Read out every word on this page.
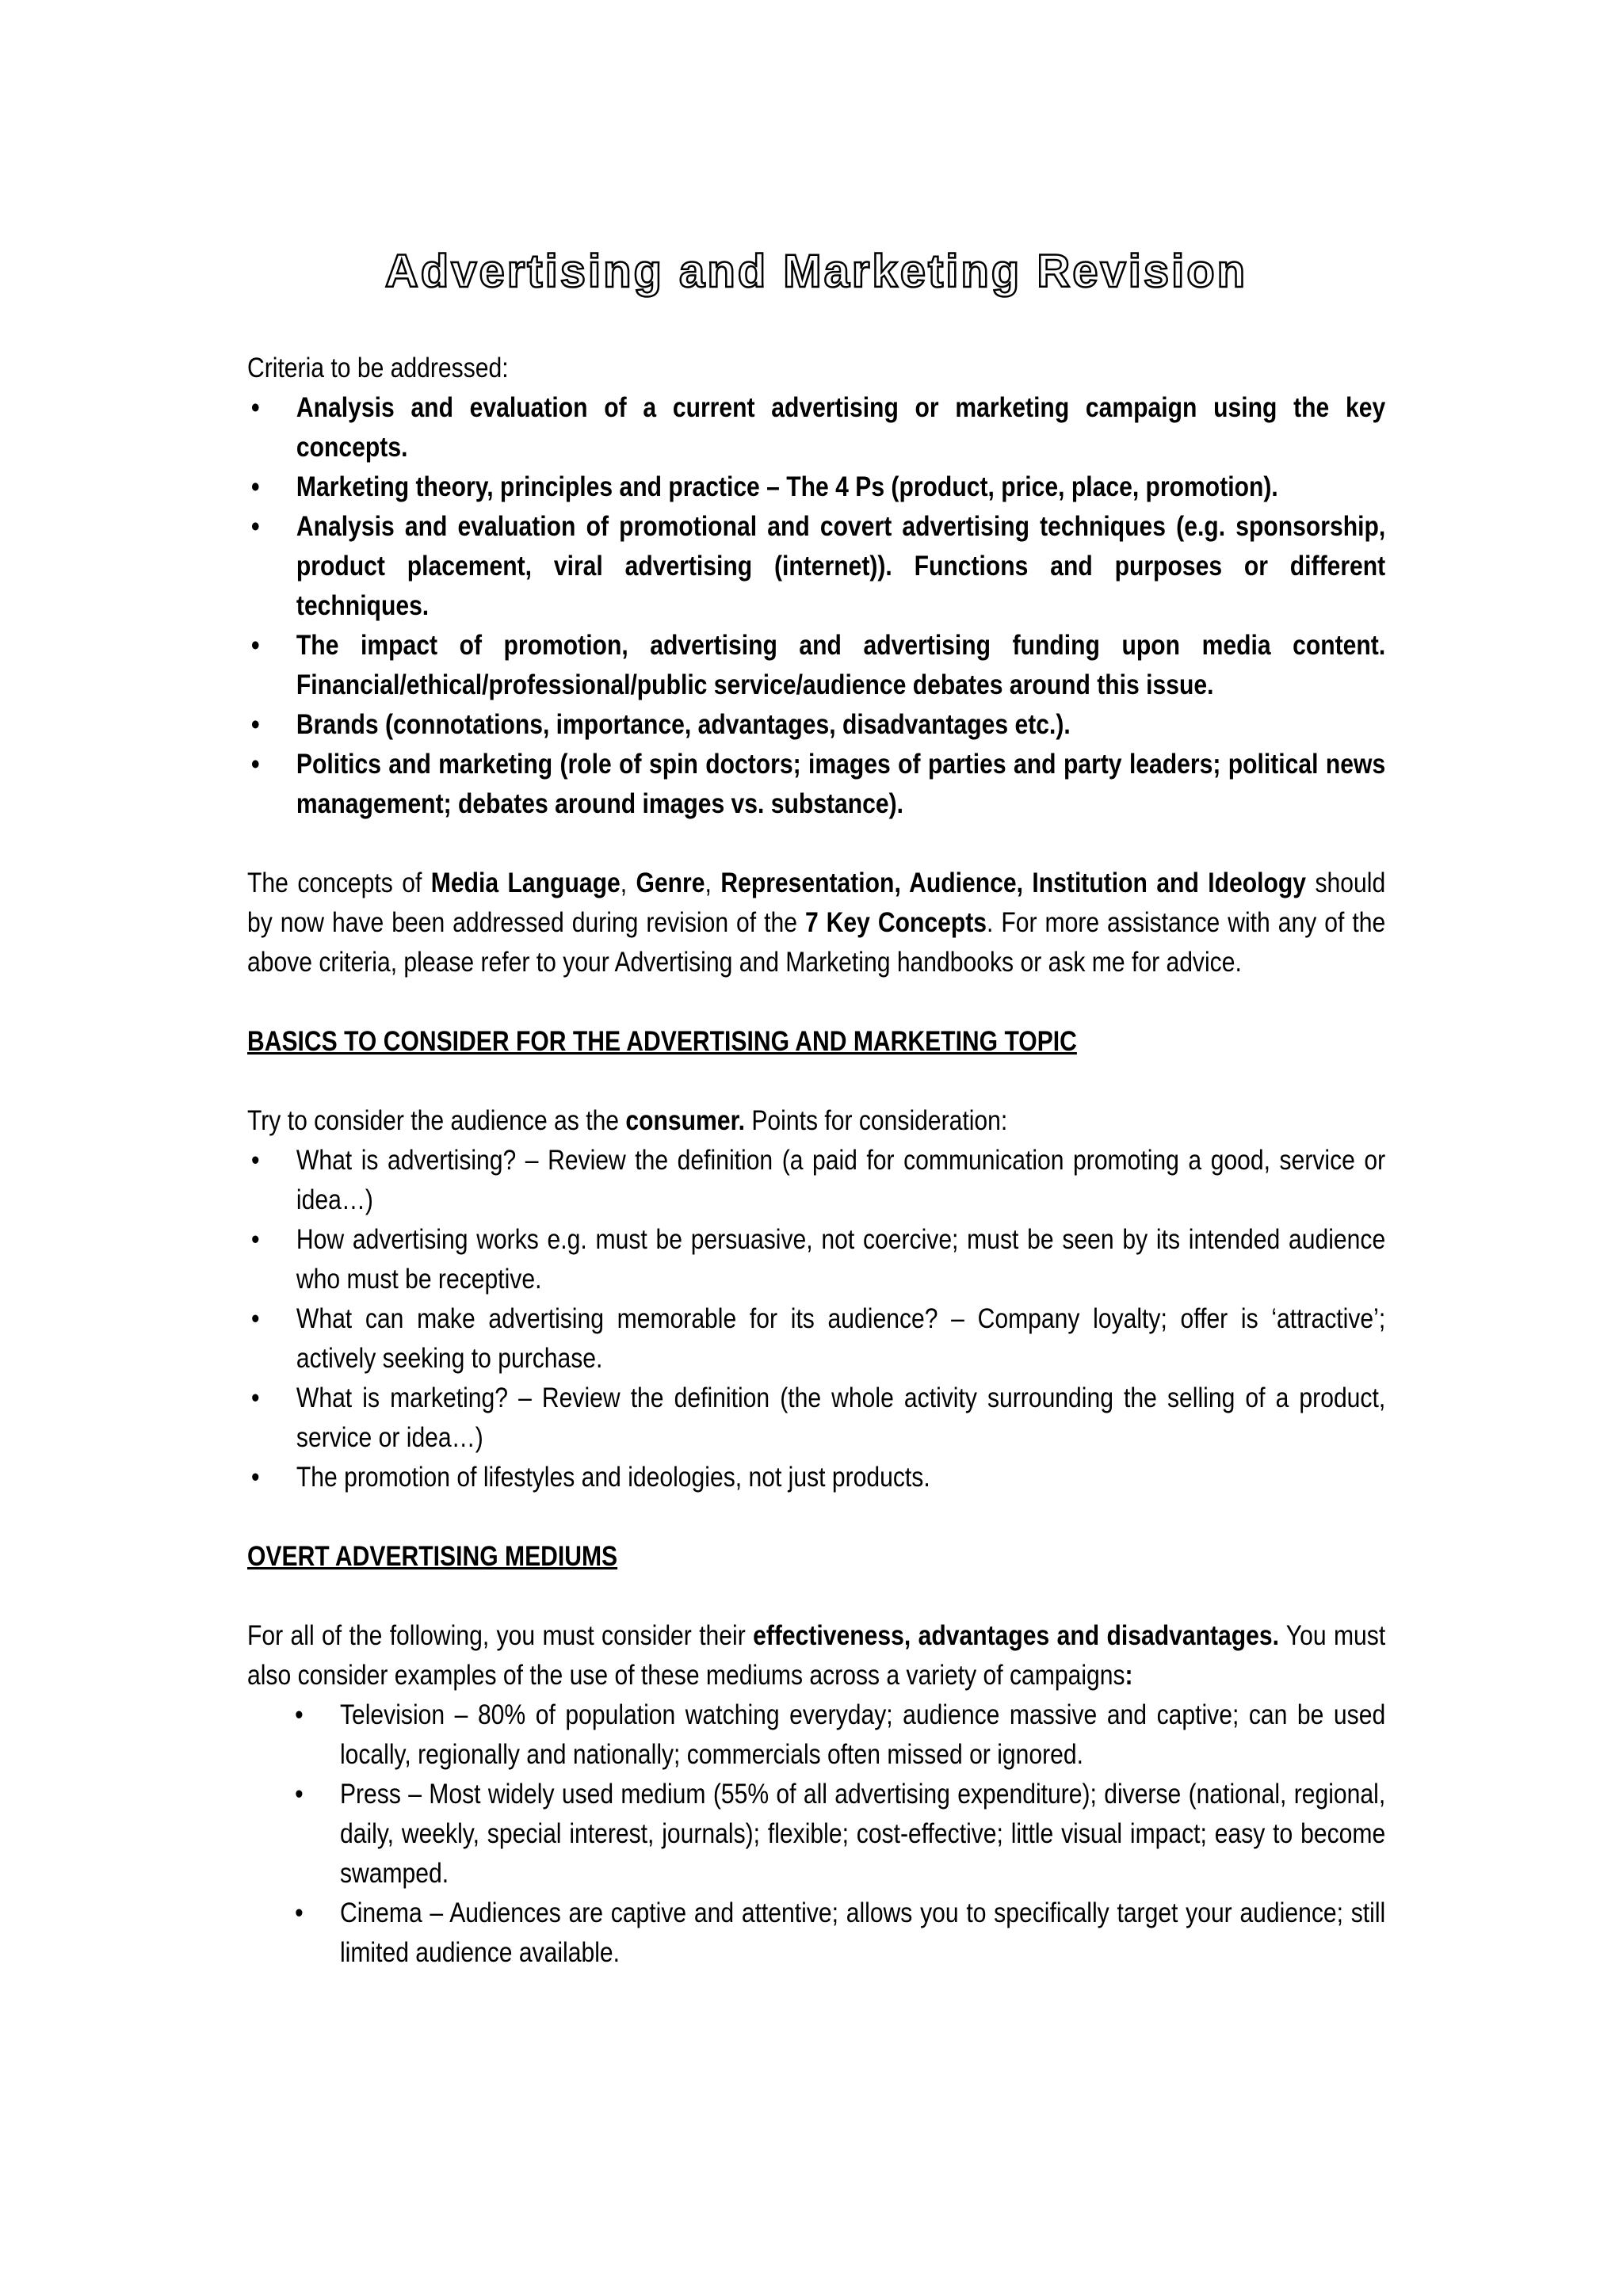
Advertising and Marketing Revision

Criteria to be addressed:

• Analysis and evaluation of a current advertising or marketing campaign using the key concepts.
• Marketing theory, principles and practice – The 4 Ps (product, price, place, promotion).
• Analysis and evaluation of promotional and covert advertising techniques (e.g. sponsorship, product placement, viral advertising (internet)). Functions and purposes or different techniques.
• The impact of promotion, advertising and advertising funding upon media content. Financial/ethical/professional/public service/audience debates around this issue.
• Brands (connotations, importance, advantages, disadvantages etc.).
• Politics and marketing (role of spin doctors; images of parties and party leaders; political news management; debates around images vs. substance).

The concepts of Media Language, Genre, Representation, Audience, Institution and Ideology should by now have been addressed during revision of the 7 Key Concepts. For more assistance with any of the above criteria, please refer to your Advertising and Marketing handbooks or ask me for advice.

BASICS TO CONSIDER FOR THE ADVERTISING AND MARKETING TOPIC

Try to consider the audience as the consumer. Points for consideration:

• What is advertising? – Review the definition (a paid for communication promoting a good, service or idea…)
• How advertising works e.g. must be persuasive, not coercive; must be seen by its intended audience who must be receptive.
• What can make advertising memorable for its audience? – Company loyalty; offer is ‘attractive’; actively seeking to purchase.
• What is marketing? – Review the definition (the whole activity surrounding the selling of a product, service or idea…)
• The promotion of lifestyles and ideologies, not just products.

OVERT ADVERTISING MEDIUMS

For all of the following, you must consider their effectiveness, advantages and disadvantages. You must also consider examples of the use of these mediums across a variety of campaigns:

• Television – 80% of population watching everyday; audience massive and captive; can be used locally, regionally and nationally; commercials often missed or ignored.
• Press – Most widely used medium (55% of all advertising expenditure); diverse (national, regional, daily, weekly, special interest, journals); flexible; cost-effective; little visual impact; easy to become swamped.
• Cinema – Audiences are captive and attentive; allows you to specifically target your audience; still limited audience available.
